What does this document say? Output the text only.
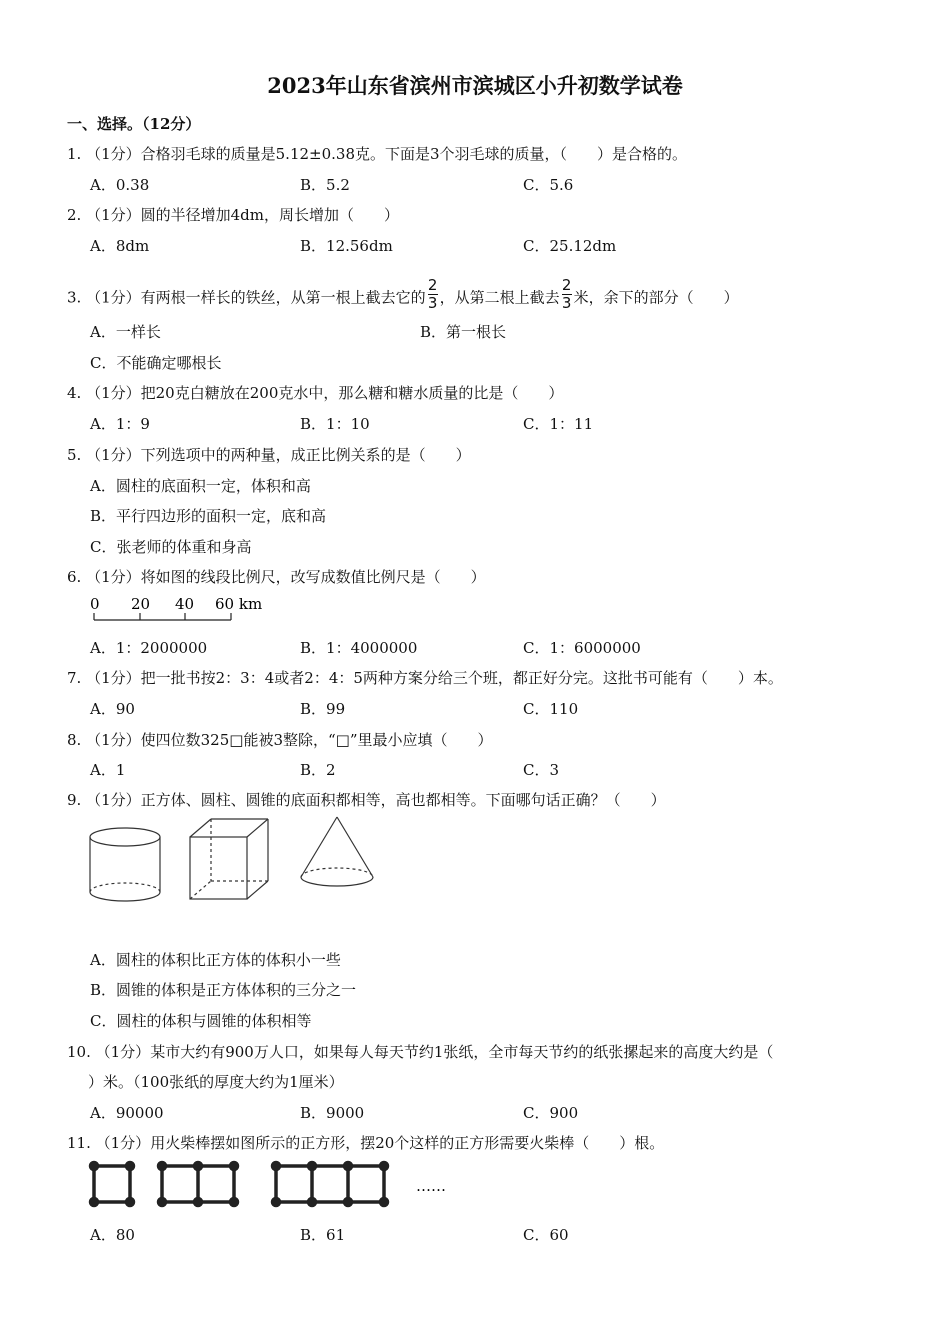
2023年山东省滨州市滨城区小升初数学试卷
一、选择。（12分）
1. （1分）合格羽毛球的质量是5.12±0.38克。下面是3个羽毛球的质量，（　　）是合格的。
A．0.38	B．5.2	C．5.6
2. （1分）圆的半径增加4dm，周长增加（　　）
A．8dm	B．12.56dm	C．25.12dm
3. （1分）有两根一样长的铁丝，从第一根上截去它的 $\frac{2}{3}$ ，从第二根上截去 $\frac{2}{3}$ 米，余下的部分（　　）
A．一样长	B．第一根长
C．不能确定哪根长
4. （1分）把20克白糖放在200克水中，那么糖和糖水质量的比是（　　）
A．1：9	B．1：10	C．1：11
5. （1分）下列选项中的两种量，成正比例关系的是（　　）
A．圆柱的底面积一定，体积和高
B．平行四边形的面积一定，底和高
C．张老师的体重和身高
6. （1分）将如图的线段比例尺，改写成数值比例尺是（　　）
0 20 40 60 km
A．1：2000000	B．1：4000000	C．1：6000000
7. （1分）把一批书按2：3：4或者2：4：5两种方案分给三个班，都正好分完。这批书可能有（　　）本。
A．90	B．99	C．110
8. （1分）使四位数325□能被3整除，“□”里最小应填（　　）
A．1	B．2	C．3
9. （1分）正方体、圆柱、圆锥的底面积都相等，高也都相等。下面哪句话正确？（　　）
A．圆柱的体积比正方体的体积小一些
B．圆锥的体积是正方体体积的三分之一
C．圆柱的体积与圆锥的体积相等
10. （1分）某市大约有900万人口，如果每人每天节约1张纸，全市每天节约的纸张摞起来的高度大约是（
）米。（100张纸的厚度大约为1厘米）
A．90000	B．9000	C．900
11. （1分）用火柴棒摆如图所示的正方形，摆20个这样的正方形需要火柴棒（　　）根。
……
A．80	B．61	C．60
